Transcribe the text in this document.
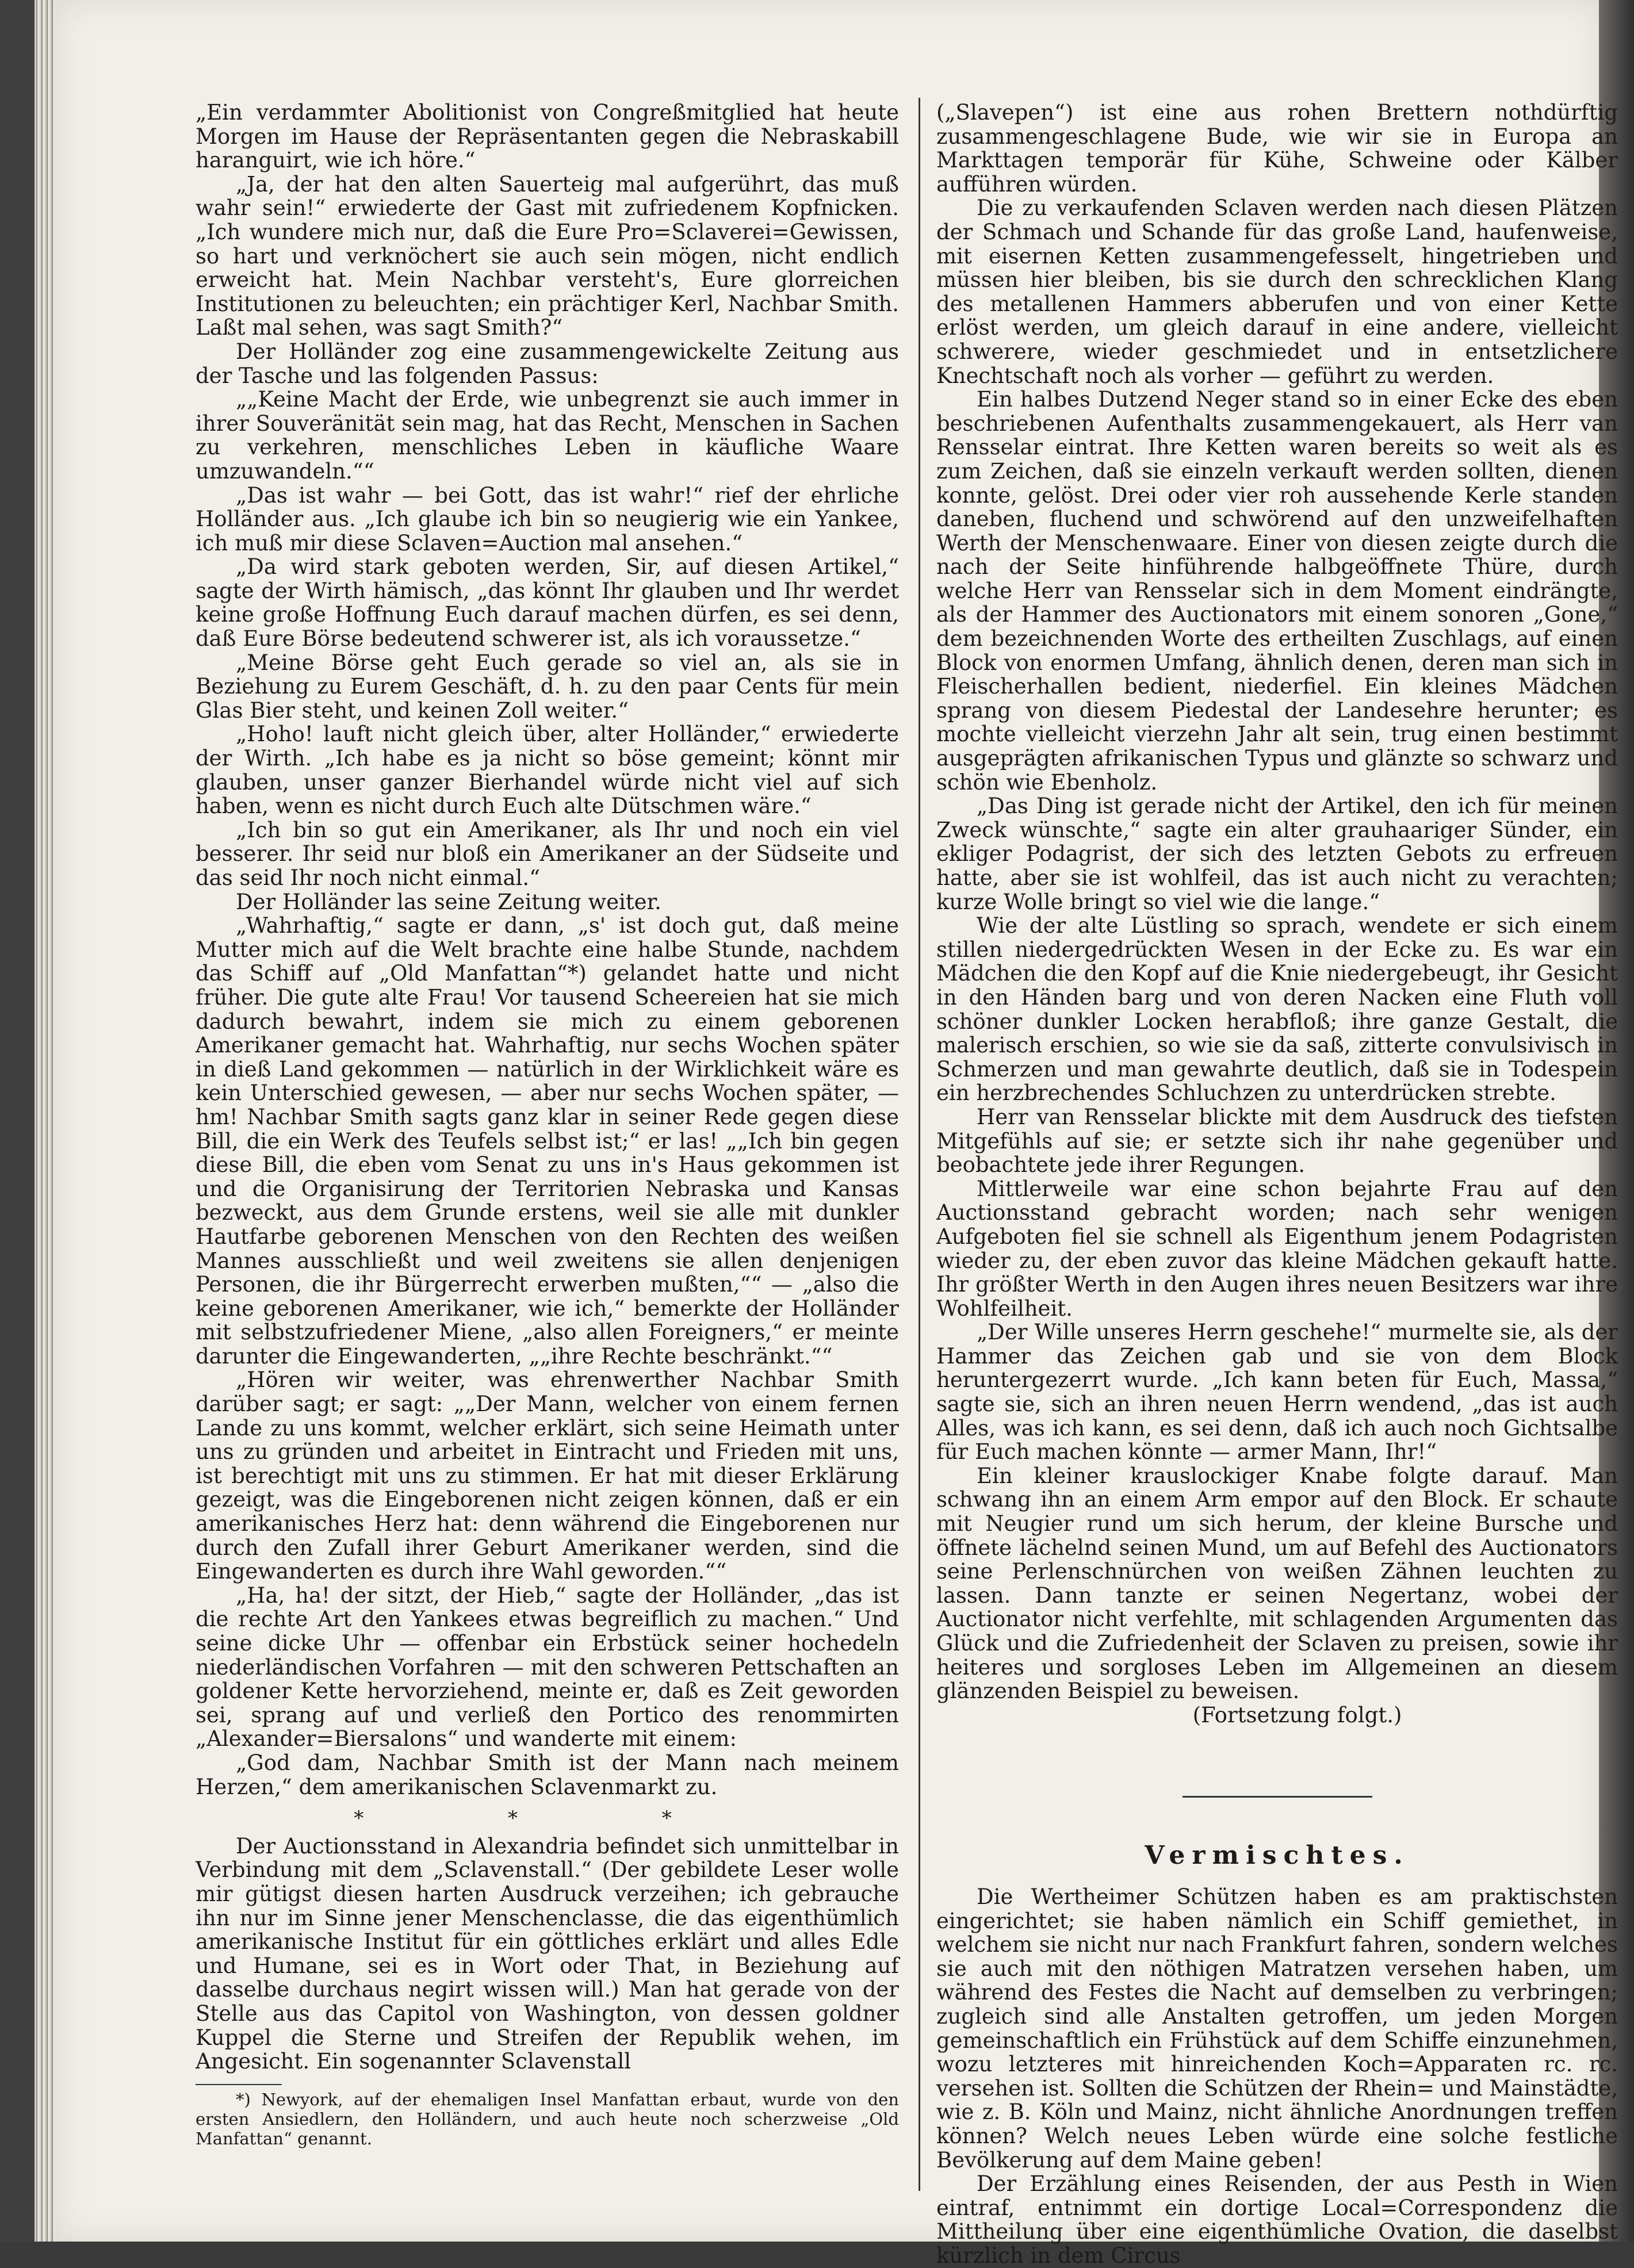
„Ein verdammter Abolitionist von Congreßmitglied hat heute Morgen im Hause der Repräsentanten gegen die Nebraskabill haranguirt, wie ich höre.“

„Ja, der hat den alten Sauerteig mal aufgerührt, das muß wahr sein!“ erwiederte der Gast mit zufriedenem Kopfnicken. „Ich wundere mich nur, daß die Eure Pro=Sclaverei=Gewissen, so hart und verknöchert sie auch sein mögen, nicht endlich erweicht hat. Mein Nachbar versteht's, Eure glorreichen Institutionen zu beleuchten; ein prächtiger Kerl, Nachbar Smith. Laßt mal sehen, was sagt Smith?“

Der Holländer zog eine zusammengewickelte Zeitung aus der Tasche und las folgenden Passus:

„„Keine Macht der Erde, wie unbegrenzt sie auch immer in ihrer Souveränität sein mag, hat das Recht, Menschen in Sachen zu verkehren, menschliches Leben in käufliche Waare umzuwandeln.““

„Das ist wahr — bei Gott, das ist wahr!“ rief der ehrliche Holländer aus. „Ich glaube ich bin so neugierig wie ein Yankee, ich muß mir diese Sclaven=Auction mal ansehen.“

„Da wird stark geboten werden, Sir, auf diesen Artikel,“ sagte der Wirth hämisch, „das könnt Ihr glauben und Ihr werdet keine große Hoffnung Euch darauf machen dürfen, es sei denn, daß Eure Börse bedeutend schwerer ist, als ich voraussetze.“

„Meine Börse geht Euch gerade so viel an, als sie in Beziehung zu Eurem Geschäft, d. h. zu den paar Cents für mein Glas Bier steht, und keinen Zoll weiter.“

„Hoho! lauft nicht gleich über, alter Holländer,“ erwiederte der Wirth. „Ich habe es ja nicht so böse gemeint; könnt mir glauben, unser ganzer Bierhandel würde nicht viel auf sich haben, wenn es nicht durch Euch alte Dütschmen wäre.“

„Ich bin so gut ein Amerikaner, als Ihr und noch ein viel besserer. Ihr seid nur bloß ein Amerikaner an der Südseite und das seid Ihr noch nicht einmal.“

Der Holländer las seine Zeitung weiter.

„Wahrhaftig,“ sagte er dann, „s' ist doch gut, daß meine Mutter mich auf die Welt brachte eine halbe Stunde, nachdem das Schiff auf „Old Manfattan“*) gelandet hatte und nicht früher. Die gute alte Frau! Vor tausend Scheereien hat sie mich dadurch bewahrt, indem sie mich zu einem geborenen Amerikaner gemacht hat. Wahrhaftig, nur sechs Wochen später in dieß Land gekommen — natürlich in der Wirklichkeit wäre es kein Unterschied gewesen, — aber nur sechs Wochen später, — hm! Nachbar Smith sagts ganz klar in seiner Rede gegen diese Bill, die ein Werk des Teufels selbst ist;“ er las! „„Ich bin gegen diese Bill, die eben vom Senat zu uns in's Haus gekommen ist und die Organisirung der Territorien Nebraska und Kansas bezweckt, aus dem Grunde erstens, weil sie alle mit dunkler Hautfarbe geborenen Menschen von den Rechten des weißen Mannes ausschließt und weil zweitens sie allen denjenigen Personen, die ihr Bürgerrecht erwerben mußten,““ — „also die keine geborenen Amerikaner, wie ich,“ bemerkte der Holländer mit selbstzufriedener Miene, „also allen Foreigners,“ er meinte darunter die Eingewanderten, „„ihre Rechte beschränkt.““

„Hören wir weiter, was ehrenwerther Nachbar Smith darüber sagt; er sagt: „„Der Mann, welcher von einem fernen Lande zu uns kommt, welcher erklärt, sich seine Heimath unter uns zu gründen und arbeitet in Eintracht und Frieden mit uns, ist berechtigt mit uns zu stimmen. Er hat mit dieser Erklärung gezeigt, was die Eingeborenen nicht zeigen können, daß er ein amerikanisches Herz hat: denn während die Eingeborenen nur durch den Zufall ihrer Geburt Amerikaner werden, sind die Eingewanderten es durch ihre Wahl geworden.““

„Ha, ha! der sitzt, der Hieb,“ sagte der Holländer, „das ist die rechte Art den Yankees etwas begreiflich zu machen.“ Und seine dicke Uhr — offenbar ein Erbstück seiner hochedeln niederländischen Vorfahren — mit den schweren Pettschaften an goldener Kette hervorziehend, meinte er, daß es Zeit geworden sei, sprang auf und verließ den Portico des renommirten „Alexander=Biersalons“ und wanderte mit einem:

„God dam, Nachbar Smith ist der Mann nach meinem Herzen,“ dem amerikanischen Sclavenmarkt zu.

* * *

Der Auctionsstand in Alexandria befindet sich unmittelbar in Verbindung mit dem „Sclavenstall.“ (Der gebildete Leser wolle mir gütigst diesen harten Ausdruck verzeihen; ich gebrauche ihn nur im Sinne jener Menschenclasse, die das eigenthümlich amerikanische Institut für ein göttliches erklärt und alles Edle und Humane, sei es in Wort oder That, in Beziehung auf dasselbe durchaus negirt wissen will.) Man hat gerade von der Stelle aus das Capitol von Washington, von dessen goldner Kuppel die Sterne und Streifen der Republik wehen, im Angesicht. Ein sogenannter Sclavenstall

*) Newyork, auf der ehemaligen Insel Manfattan erbaut, wurde von den ersten Ansiedlern, den Holländern, und auch heute noch scherzweise „Old Manfattan“ genannt.

(„Slavepen“) ist eine aus rohen Brettern nothdürftig zusammengeschlagene Bude, wie wir sie in Europa an Markttagen temporär für Kühe, Schweine oder Kälber aufführen würden.

Die zu verkaufenden Sclaven werden nach diesen Plätzen der Schmach und Schande für das große Land, haufenweise, mit eisernen Ketten zusammengefesselt, hingetrieben und müssen hier bleiben, bis sie durch den schrecklichen Klang des metallenen Hammers abberufen und von einer Kette erlöst werden, um gleich darauf in eine andere, vielleicht schwerere, wieder geschmiedet und in entsetzlichere Knechtschaft noch als vorher — geführt zu werden.

Ein halbes Dutzend Neger stand so in einer Ecke des eben beschriebenen Aufenthalts zusammengekauert, als Herr van Rensselar eintrat. Ihre Ketten waren bereits so weit als es zum Zeichen, daß sie einzeln verkauft werden sollten, dienen konnte, gelöst. Drei oder vier roh aussehende Kerle standen daneben, fluchend und schwörend auf den unzweifelhaften Werth der Menschenwaare. Einer von diesen zeigte durch die nach der Seite hinführende halbgeöffnete Thüre, durch welche Herr van Rensselar sich in dem Moment eindrängte, als der Hammer des Auctionators mit einem sonoren „Gone,“ dem bezeichnenden Worte des ertheilten Zuschlags, auf einen Block von enormen Umfang, ähnlich denen, deren man sich in Fleischerhallen bedient, niederfiel. Ein kleines Mädchen sprang von diesem Piedestal der Landesehre herunter; es mochte vielleicht vierzehn Jahr alt sein, trug einen bestimmt ausgeprägten afrikanischen Typus und glänzte so schwarz und schön wie Ebenholz.

„Das Ding ist gerade nicht der Artikel, den ich für meinen Zweck wünschte,“ sagte ein alter grauhaariger Sünder, ein ekliger Podagrist, der sich des letzten Gebots zu erfreuen hatte, aber sie ist wohlfeil, das ist auch nicht zu verachten; kurze Wolle bringt so viel wie die lange.“

Wie der alte Lüstling so sprach, wendete er sich einem stillen niedergedrückten Wesen in der Ecke zu. Es war ein Mädchen die den Kopf auf die Knie niedergebeugt, ihr Gesicht in den Händen barg und von deren Nacken eine Fluth voll schöner dunkler Locken herabfloß; ihre ganze Gestalt, die malerisch erschien, so wie sie da saß, zitterte convulsivisch in Schmerzen und man gewahrte deutlich, daß sie in Todespein ein herzbrechendes Schluchzen zu unterdrücken strebte.

Herr van Rensselar blickte mit dem Ausdruck des tiefsten Mitgefühls auf sie; er setzte sich ihr nahe gegenüber und beobachtete jede ihrer Regungen.

Mittlerweile war eine schon bejahrte Frau auf den Auctionsstand gebracht worden; nach sehr wenigen Aufgeboten fiel sie schnell als Eigenthum jenem Podagristen wieder zu, der eben zuvor das kleine Mädchen gekauft hatte. Ihr größter Werth in den Augen ihres neuen Besitzers war ihre Wohlfeilheit.

„Der Wille unseres Herrn geschehe!“ murmelte sie, als der Hammer das Zeichen gab und sie von dem Block heruntergezerrt wurde. „Ich kann beten für Euch, Massa,“ sagte sie, sich an ihren neuen Herrn wendend, „das ist auch Alles, was ich kann, es sei denn, daß ich auch noch Gichtsalbe für Euch machen könnte — armer Mann, Ihr!“

Ein kleiner krauslockiger Knabe folgte darauf. Man schwang ihn an einem Arm empor auf den Block. Er schaute mit Neugier rund um sich herum, der kleine Bursche und öffnete lächelnd seinen Mund, um auf Befehl des Auctionators seine Perlenschnürchen von weißen Zähnen leuchten zu lassen. Dann tanzte er seinen Negertanz, wobei der Auctionator nicht verfehlte, mit schlagenden Argumenten das Glück und die Zufriedenheit der Sclaven zu preisen, sowie ihr heiteres und sorgloses Leben im Allgemeinen an diesem glänzenden Beispiel zu beweisen.

(Fortsetzung folgt.)

Vermischtes.

Die Wertheimer Schützen haben es am praktischsten eingerichtet; sie haben nämlich ein Schiff gemiethet, in welchem sie nicht nur nach Frankfurt fahren, sondern welches sie auch mit den nöthigen Matratzen versehen haben, um während des Festes die Nacht auf demselben zu verbringen; zugleich sind alle Anstalten getroffen, um jeden Morgen gemeinschaftlich ein Frühstück auf dem Schiffe einzunehmen, wozu letzteres mit hinreichenden Koch=Apparaten rc. rc. versehen ist. Sollten die Schützen der Rhein= und Mainstädte, wie z. B. Köln und Mainz, nicht ähnliche Anordnungen treffen können? Welch neues Leben würde eine solche festliche Bevölkerung auf dem Maine geben!

Der Erzählung eines Reisenden, der aus Pesth in Wien eintraf, entnimmt ein dortige Local=Correspondenz die Mittheilung über eine eigenthümliche Ovation, die daselbst kürzlich in dem Circus
